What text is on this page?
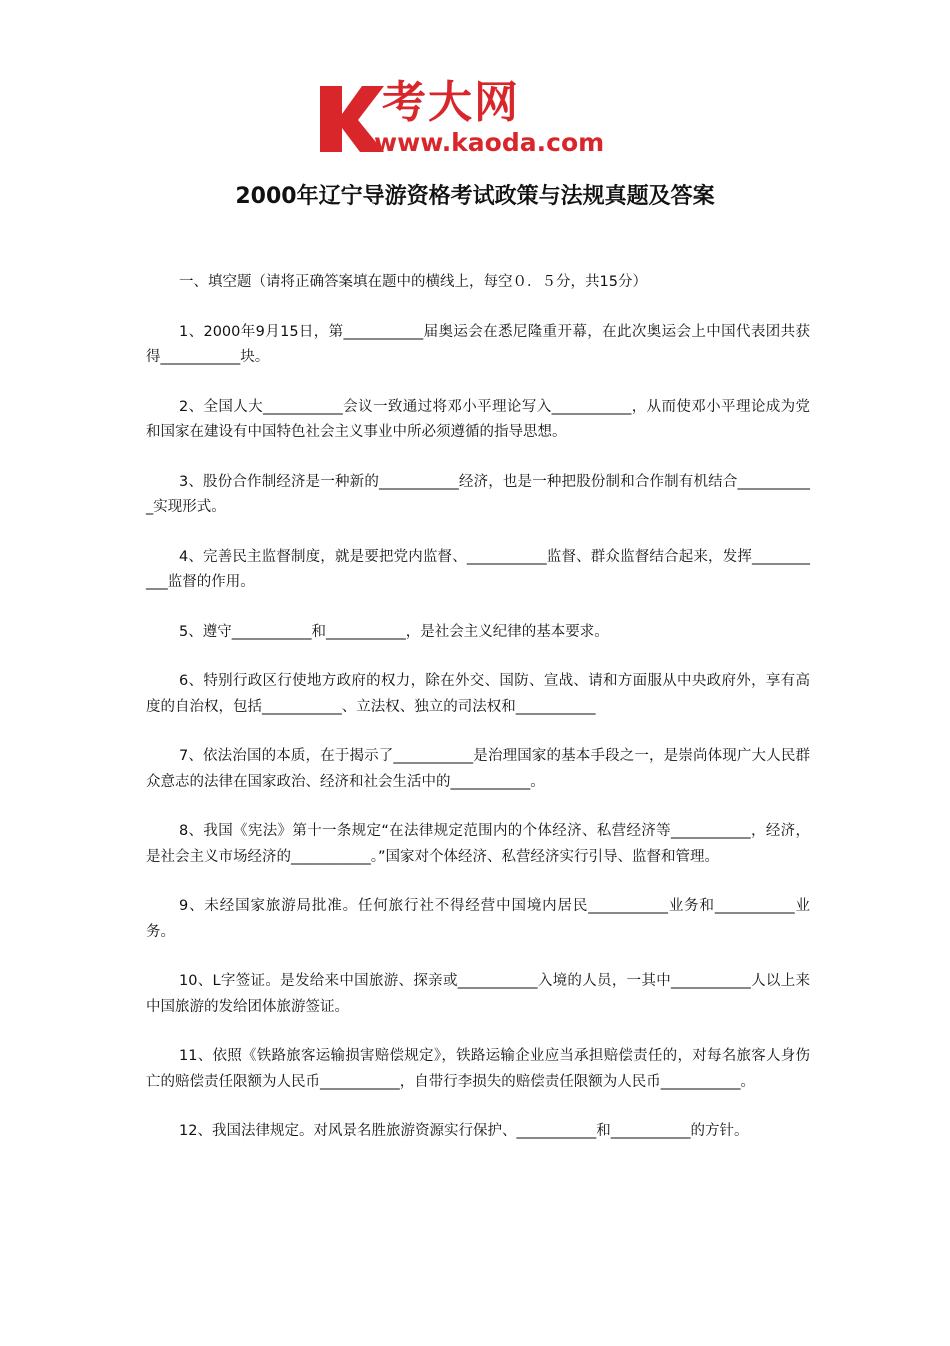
考大网
www.kaoda.com
2000年辽宁导游资格考试政策与法规真题及答案

一、填空题（请将正确答案填在题中的横线上，每空０．５分，共15分）

1、2000年9月15日，第___________届奥运会在悉尼隆重开幕，在此次奥运会上中国代表团共获得___________块。

2、全国人大___________会议一致通过将邓小平理论写入___________，从而使邓小平理论成为党和国家在建设有中国特色社会主义事业中所必须遵循的指导思想。

3、股份合作制经济是一种新的___________经济，也是一种把股份制和合作制有机结合___________实现形式。

4、完善民主监督制度，就是要把党内监督、___________监督、群众监督结合起来，发挥___________监督的作用。

5、遵守___________和___________，是社会主义纪律的基本要求。

6、特别行政区行使地方政府的权力，除在外交、国防、宣战、请和方面服从中央政府外，享有高度的自治权，包括___________、立法权、独立的司法权和___________

7、依法治国的本质，在于揭示了___________是治理国家的基本手段之一，是崇尚体现广大人民群众意志的法律在国家政治、经济和社会生活中的___________。

8、我国《宪法》第十一条规定“在法律规定范围内的个体经济、私营经济等___________，经济，是社会主义市场经济的___________。”国家对个体经济、私营经济实行引导、监督和管理。

9、未经国家旅游局批准。任何旅行社不得经营中国境内居民___________业务和___________业务。

10、L字签证。是发给来中国旅游、探亲或___________入境的人员，一其中___________人以上来中国旅游的发给团体旅游签证。

11、依照《铁路旅客运输损害赔偿规定》，铁路运输企业应当承担赔偿责任的，对每名旅客人身伤亡的赔偿责任限额为人民币___________，自带行李损失的赔偿责任限额为人民币___________。

12、我国法律规定。对风景名胜旅游资源实行保护、___________和___________的方针。
